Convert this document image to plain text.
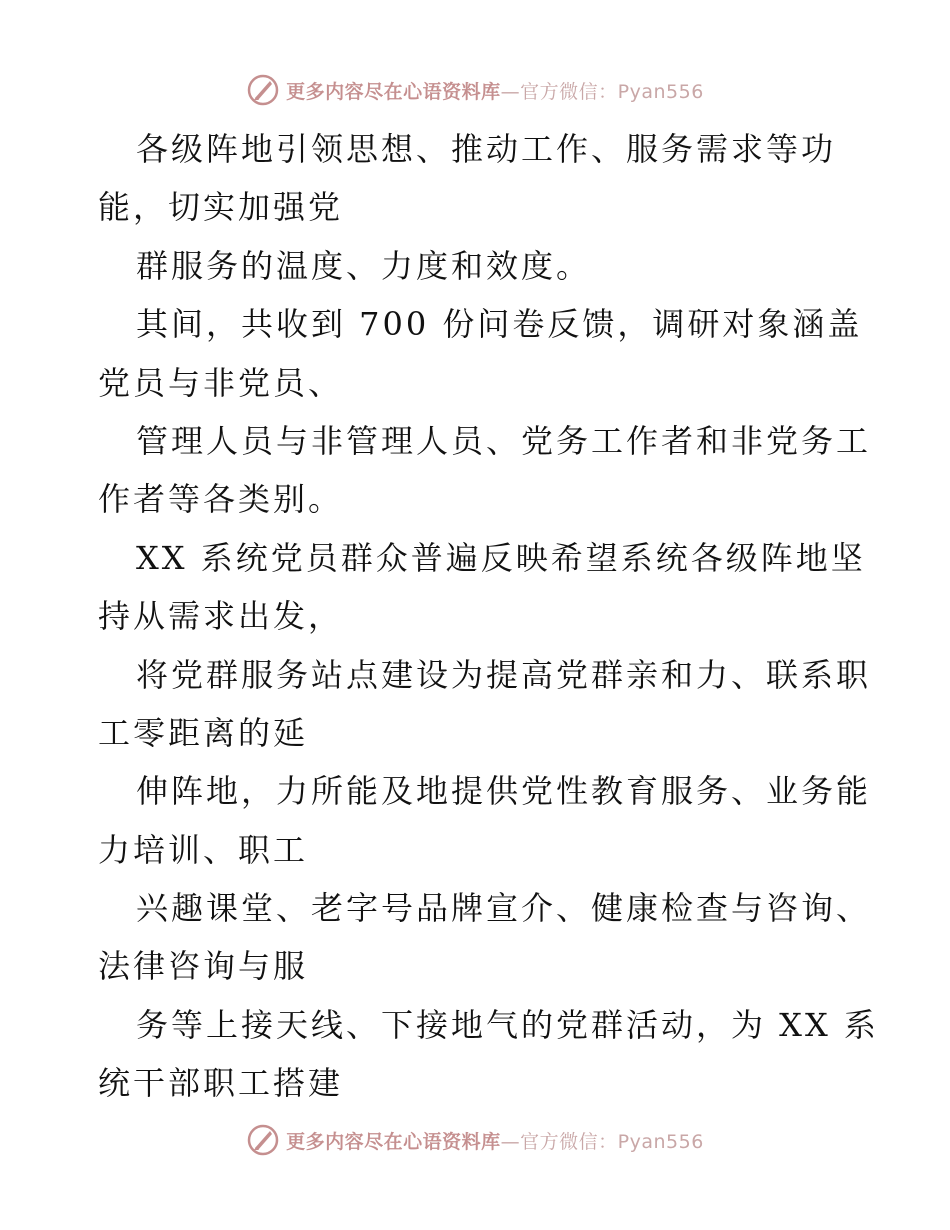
更多内容尽在心语资料库—官方微信：Pyan556
各级阵地引领思想、推动工作、服务需求等功
能，切实加强党
群服务的温度、力度和效度。
其间，共收到 700 份问卷反馈，调研对象涵盖
党员与非党员、
管理人员与非管理人员、党务工作者和非党务工
作者等各类别。
XX 系统党员群众普遍反映希望系统各级阵地坚
持从需求出发，
将党群服务站点建设为提高党群亲和力、联系职
工零距离的延
伸阵地，力所能及地提供党性教育服务、业务能
力培训、职工
兴趣课堂、老字号品牌宣介、健康检查与咨询、
法律咨询与服
务等上接天线、下接地气的党群活动，为 XX 系
统干部职工搭建
更多内容尽在心语资料库—官方微信：Pyan556
